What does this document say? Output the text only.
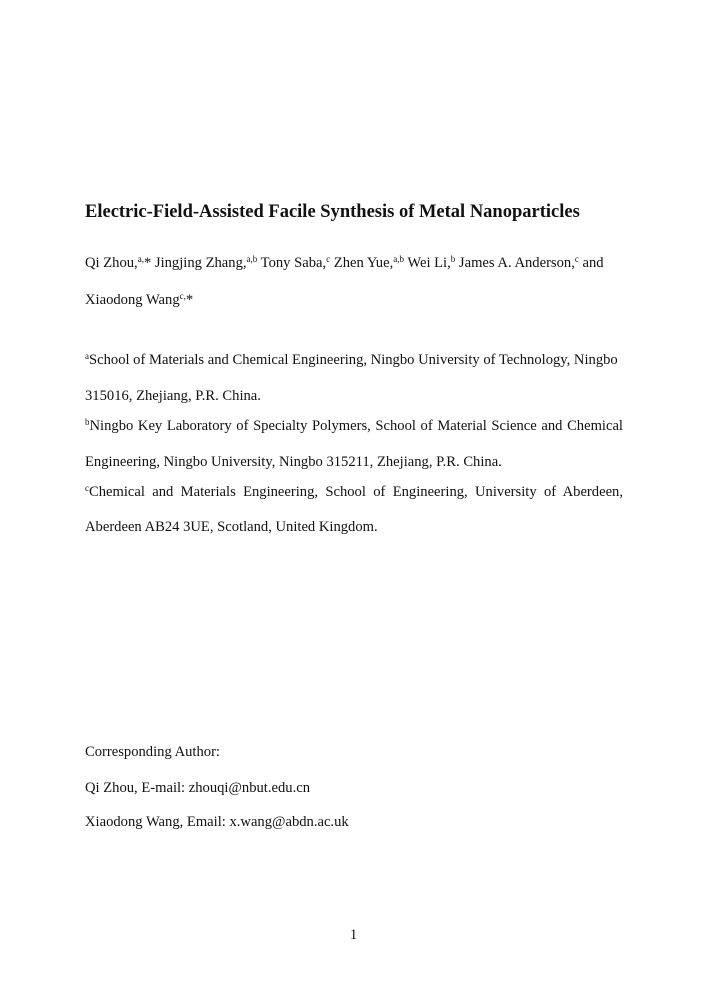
Electric-Field-Assisted Facile Synthesis of Metal Nanoparticles
Qi Zhou,$^{a,}$* Jingjing Zhang,$^{a,b}$ Tony Saba,$^c$ Zhen Yue,$^{a,b}$ Wei Li,$^b$ James A. Anderson,$^c$ and
Xiaodong Wang$^{c,}$*
$^a$School of Materials and Chemical Engineering, Ningbo University of Technology, Ningbo
315016, Zhejiang, P.R. China.
$^b$Ningbo Key Laboratory of Specialty Polymers, School of Material Science and Chemical
Engineering, Ningbo University, Ningbo 315211, Zhejiang, P.R. China.
$^c$Chemical and Materials Engineering, School of Engineering, University of Aberdeen,
Aberdeen AB24 3UE, Scotland, United Kingdom.
Corresponding Author:
Qi Zhou, E-mail: zhouqi@nbut.edu.cn
Xiaodong Wang, Email: x.wang@abdn.ac.uk
1
